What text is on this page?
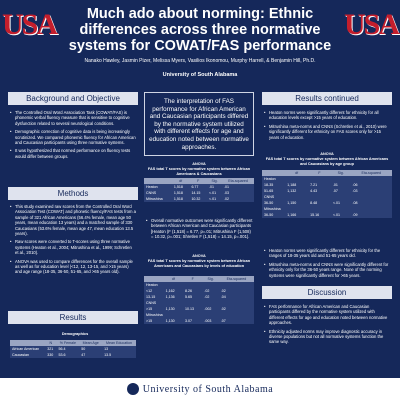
USA	USA
Much ado about norming: Ethnic differences across three normative systems for COWAT/FAS performance
Nanako Hawley, Jasmin Pizer, Melissa Myers, Vasilios Ikonomou, Murphy Harrell, & Benjamin Hill, Ph.D.
University of South Alabama
Background and Objective
• The Controlled Oral Word Association Task (COWAT/FAS) is phonemic verbal fluency measure that is sensitive to cognitive dysfunction related to several neurological conditions.
• Demographic correction of cognitive data is being increasingly scrutinized. We compared phonemic fluency for African American and Caucasian participants using three normative systems.
• It was hypothesized that normed performance on fluency tests would differ between groups.
Methods
• This study examined raw scores from the Controlled Oral Word Association Test (COWAT) and phonetic fluency/FAS tests from a sample of 321 African Americans (56.4% female, mean age 50 years, mean education 13 years) and a matched sample of 330 Caucasians (53.6% female, mean age 47, mean education 13.5 years).
• Raw scores were converted to T-scores using three normative systems (Heaton et al., 2004; Mitrushina et al., 1999; Schretlen et al., 2010).
• ANOVA was used to compare differences for the overall sample as well as for education level (<12, 12, 13-15, and >15 years) and age range (18-35, 36-50, 51-65, and >65 years old).
Results
Demographics
	N	% Female	Mean Age	Mean Education
African American	321	56.4	50	13
Caucasian	330	53.6	47	13.5
The interpretation of FAS performance for African American and Caucasian participants differed by the normative system utilized with different effects for age and education noted between normative approaches.
ANOVA
FAS total T scores by normative system between African Americans & Caucasians
	df	F	Sig.	Eta-squared
Heaton	1,518	6.77	.01	.01
CNNS	1,518	14.15	<.01	.03
Mitrushina	1,518	10.32	<.01	.02
• Overall normative outcomes were significantly different between African American and Caucasian participants [Heaton (F (1,518) = 6.77, p=.01; Mitrushina F (1,508) = 10.32, p=.001; Shretlen F (1,518) = 14.15, p=.001).
ANOVA
FAS total T scores by normative system between African Americans and Caucasians by levels of education
	df	F	Sig.	Eta-squared
Heaton				
<12	1,162	8.26	.02	.02
13-15	1,136	5.65	.02	.04
CNNS				
>15	1,130	10.13	.002	.02
Mitrushina				
>15	1,130	3.07	.003	.07
Results continued
• Heaton norms were significantly different for ethnicity for all education levels except >15 years of education.
• Mitrushina meta-norms and CNNS (Schretlen et al., 2010) were significantly different for ethnicity on FAS scores only for >15 years of education.
ANOVA
FAS total T scores by normative system between African Americans and Caucasians by age group
	df	F	Sig.	Eta-squared
Heaton				
18-35	1,188	7.21	.01	.06
51-65	1,132	4.43	.07	.03
CNNS				
36-50	1,150	8.48	<.01	.08
Mitrushina				
36-50	1,166	15.16	<.01	.09
• Heaton norms were significantly different for ethnicity for the ranges of 18-35 years old and 51-65 years old.
• Mitrushina meta-norms and CNNS were significantly different for ethnicity only for the 36-50 years range. None of the norming systems were significantly different for >65 years.
Discussion
• FAS performance for African American and Caucasian participants differed by the normative system utilized with different effects for age and education noted between normative approaches.
• Ethnicity adjusted norms may improve diagnostic accuracy in diverse populations but not all normative systems function the same way.
University of South Alabama
